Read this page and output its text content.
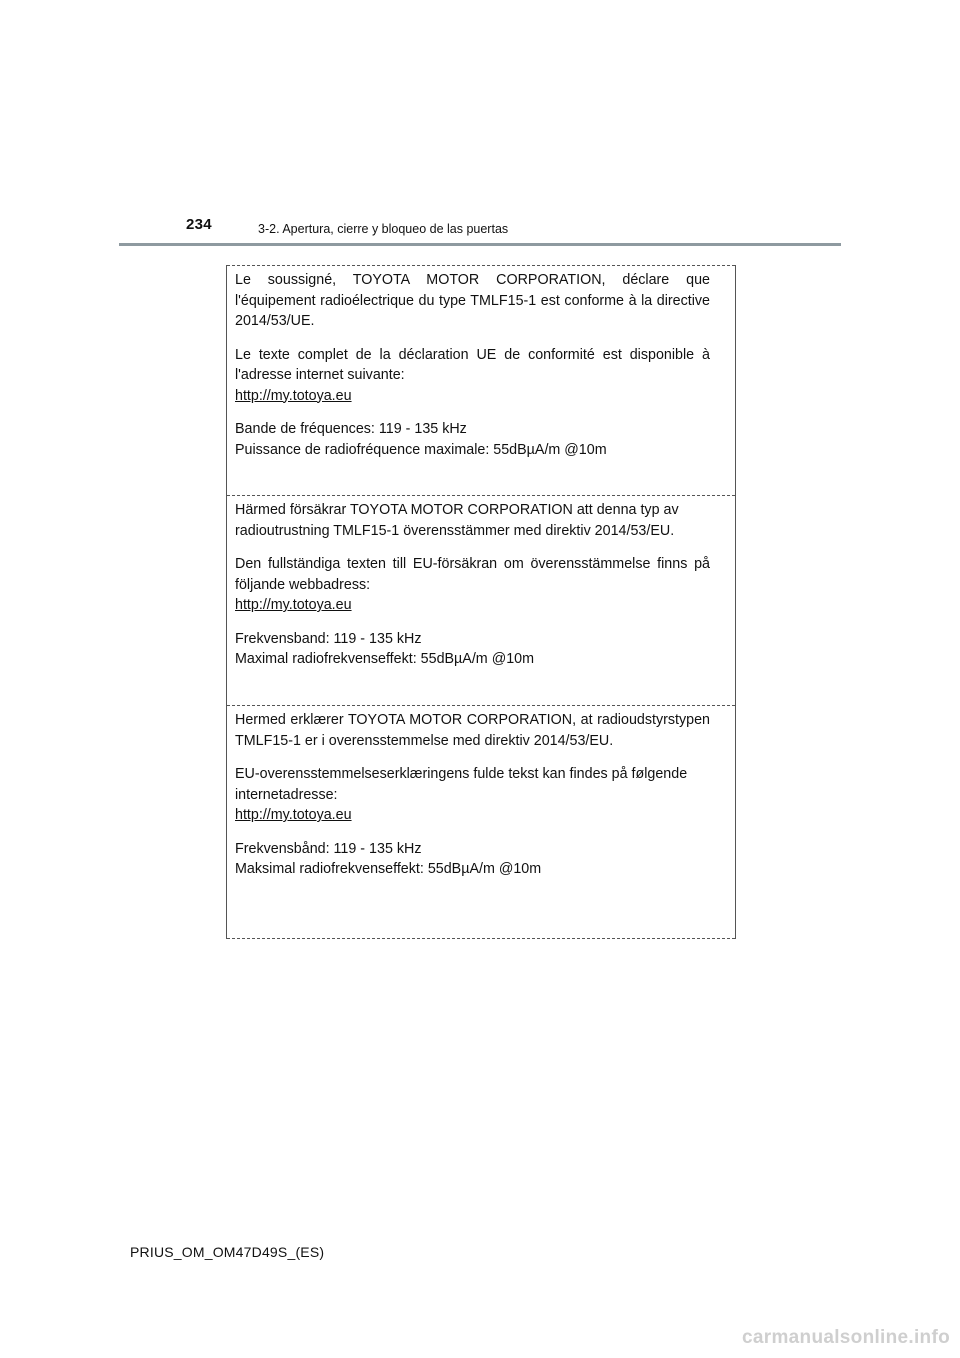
234	3-2. Apertura, cierre y bloqueo de las puertas

Le soussigné, TOYOTA MOTOR CORPORATION, déclare que l'équipement radioélectrique du type TMLF15-1 est conforme à la directive 2014/53/UE.

Le texte complet de la déclaration UE de conformité est disponible à l'adresse internet suivante:

http://my.totoya.eu

Bande de fréquences: 119 - 135 kHz
Puissance de radiofréquence maximale: 55dBµA/m @10m

Härmed försäkrar TOYOTA MOTOR CORPORATION att denna typ av radioutrustning TMLF15-1 överensstämmer med direktiv 2014/53/EU.

Den fullständiga texten till EU-försäkran om överensstämmelse finns på följande webbadress:

http://my.totoya.eu

Frekvensband: 119 - 135 kHz
Maximal radiofrekvenseffekt: 55dBµA/m @10m

Hermed erklærer TOYOTA MOTOR CORPORATION, at radioudstyrstypen TMLF15-1 er i overensstemmelse med direktiv 2014/53/EU.

EU-overensstemmelseserklæringens fulde tekst kan findes på følgende internetadresse:

http://my.totoya.eu

Frekvensbånd: 119 - 135 kHz
Maksimal radiofrekvenseffekt: 55dBµA/m @10m
PRIUS_OM_OM47D49S_(ES)
carmanualsonline.info
